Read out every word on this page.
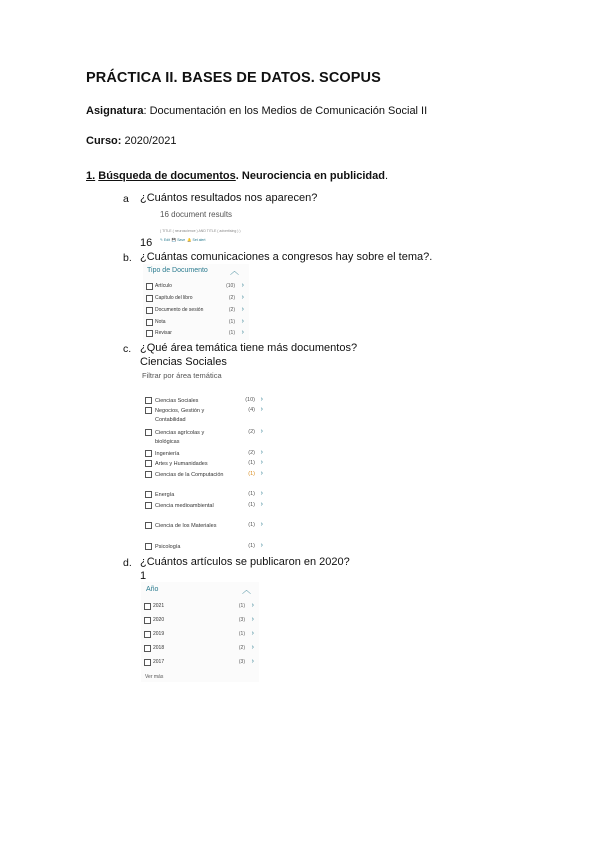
PRÁCTICA II. BASES DE DATOS. SCOPUS
Asignatura: Documentación en los Medios de Comunicación Social II
Curso: 2020/2021
1. Búsqueda de documentos. Neurociencia en publicidad.
a ¿Cuántos resultados nos aparecen?
16 document results
( TITLE ( neuroscience ) AND TITLE ( advertising ) )
✎ Edit 💾 Save 🔔 Set alert
16
b. ¿Cuántas comunicaciones a congresos hay sobre el tema?.
Tipo de Documento ︿
Artículo	(10) ›
Capítulo del libro	(2) ›
Documento de sesión	(2) ›
Nota	(1) ›
Revisar	(1) ›
c. ¿Qué área temática tiene más documentos?
Ciencias Sociales
Filtrar por área temática
Ciencias Sociales	(10) ›
Negocios, Gestión y Contabilidad
(4) ›
Ciencias agrícolas y biológicas
(2) ›
Ingeniería	(2) ›
Artes y Humanidades	(1) ›
Ciencias de la Computación	(1) ›
Energía	(1) ›
Ciencia medioambiental	(1) ›
Ciencia de los Materiales	(1) ›
Psicología	(1) ›
d. ¿Cuántos artículos se publicaron en 2020?
1
Año	︿
2021	(1) ›
2020	(3) ›
2019	(1) ›
2018	(2) ›
2017	(3) ›
Ver más
